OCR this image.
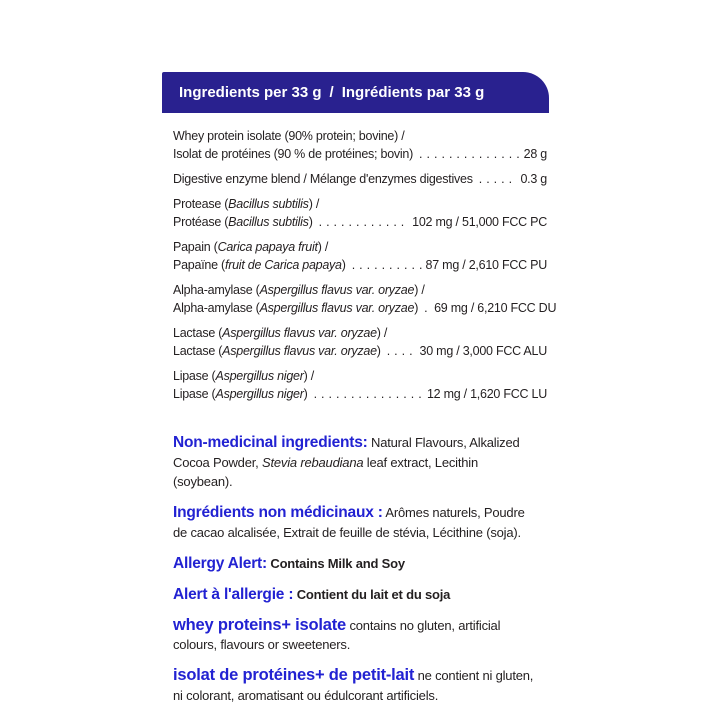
Ingredients per 33 g / Ingrédients par 33 g
Whey protein isolate (90% protein; bovine) /
Isolat de protéines (90 % de protéines; bovin) .....	28 g
Digestive enzyme blend / Mélange d'enzymes digestives .....	0.3 g
Protease (Bacillus subtilis) /
Protéase (Bacillus subtilis) .....	102 mg / 51,000 FCC PC
Papain (Carica papaya fruit) /
Papaïne (fruit de Carica papaya) .....	87 mg / 2,610 FCC PU
Alpha-amylase (Aspergillus flavus var. oryzae) /
Alpha-amylase (Aspergillus flavus var. oryzae) ..... 69 mg / 6,210 FCC DU
Lactase (Aspergillus flavus var. oryzae) /
Lactase (Aspergillus flavus var. oryzae) .....	30 mg / 3,000 FCC ALU
Lipase (Aspergillus niger) /
Lipase (Aspergillus niger) .....	12 mg / 1,620 FCC LU
Non-medicinal ingredients: Natural Flavours, Alkalized Cocoa Powder, Stevia rebaudiana leaf extract, Lecithin (soybean).
Ingrédients non médicinaux : Arômes naturels, Poudre de cacao alcalisée, Extrait de feuille de stévia, Lécithine (soja).
Allergy Alert: Contains Milk and Soy
Alert à l'allergie : Contient du lait et du soja
whey proteins+ isolate contains no gluten, artificial colours, flavours or sweeteners.
isolat de protéines+ de petit-lait ne contient ni gluten, ni colorant, aromatisant ou édulcorant artificiels.
